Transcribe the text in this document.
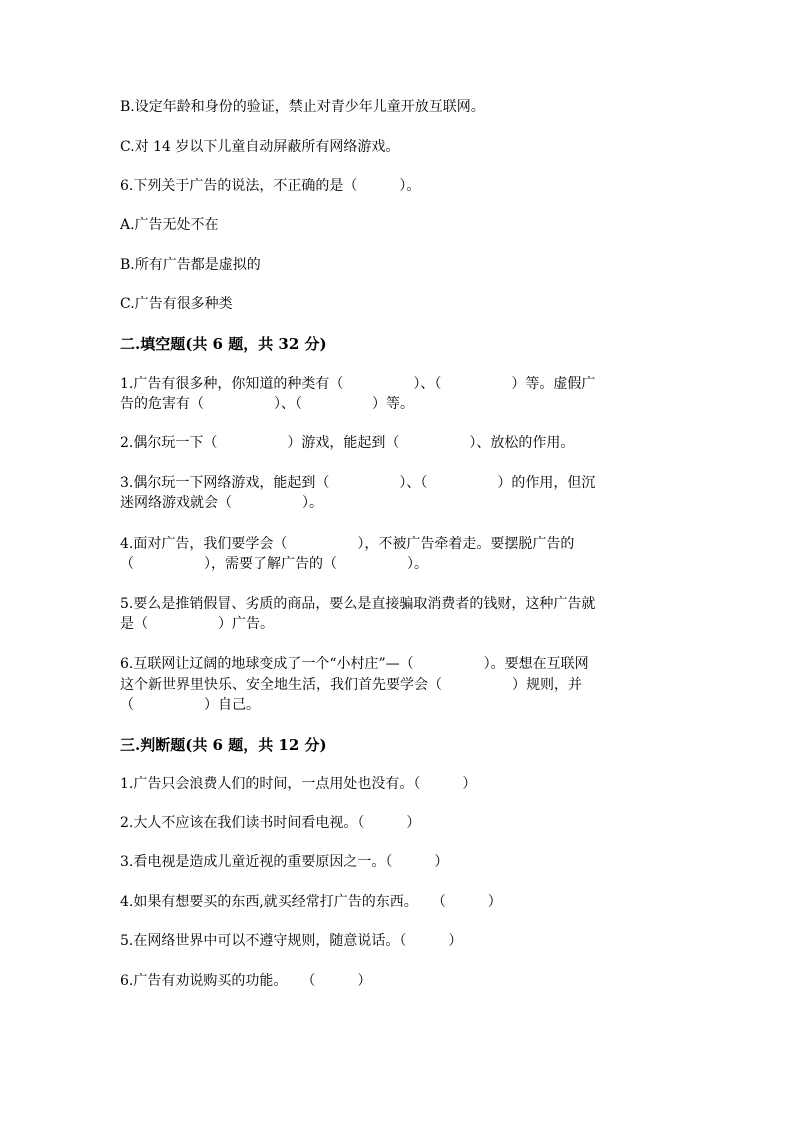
B.设定年龄和身份的验证，禁止对青少年儿童开放互联网。
C.对 14 岁以下儿童自动屏蔽所有网络游戏。
6.下列关于广告的说法，不正确的是（　　　）。
A.广告无处不在
B.所有广告都是虚拟的
C.广告有很多种类
二.填空题(共 6 题，共 32 分)
1.广告有很多种，你知道的种类有（　　　　　）、（　　　　　）等。虚假广
告的危害有（　　　　　）、（　　　　　）等。
2.偶尔玩一下（　　　　　）游戏，能起到（　　　　　）、放松的作用。
3.偶尔玩一下网络游戏，能起到（　　　　　）、（　　　　　）的作用，但沉
迷网络游戏就会（　　　　　）。
4.面对广告，我们要学会（　　　　　），不被广告牵着走。要摆脱广告的
（　　　　　），需要了解广告的（　　　　　）。
5.要么是推销假冒、劣质的商品，要么是直接骗取消费者的钱财，这种广告就
是（　　　　　）广告。
6.互联网让辽阔的地球变成了一个“小村庄”—（　　　　　）。要想在互联网
这个新世界里快乐、安全地生活，我们首先要学会（　　　　　）规则，并
（　　　　　）自己。
三.判断题(共 6 题，共 12 分)
1.广告只会浪费人们的时间，一点用处也没有。（　　　）
2.大人不应该在我们读书时间看电视。（　　　）
3.看电视是造成儿童近视的重要原因之一。（　　　）
4.如果有想要买的东西,就买经常打广告的东西。　　（　　　）
5.在网络世界中可以不遵守规则，随意说话。（　　　）
6.广告有劝说购买的功能。　　（　　　）
